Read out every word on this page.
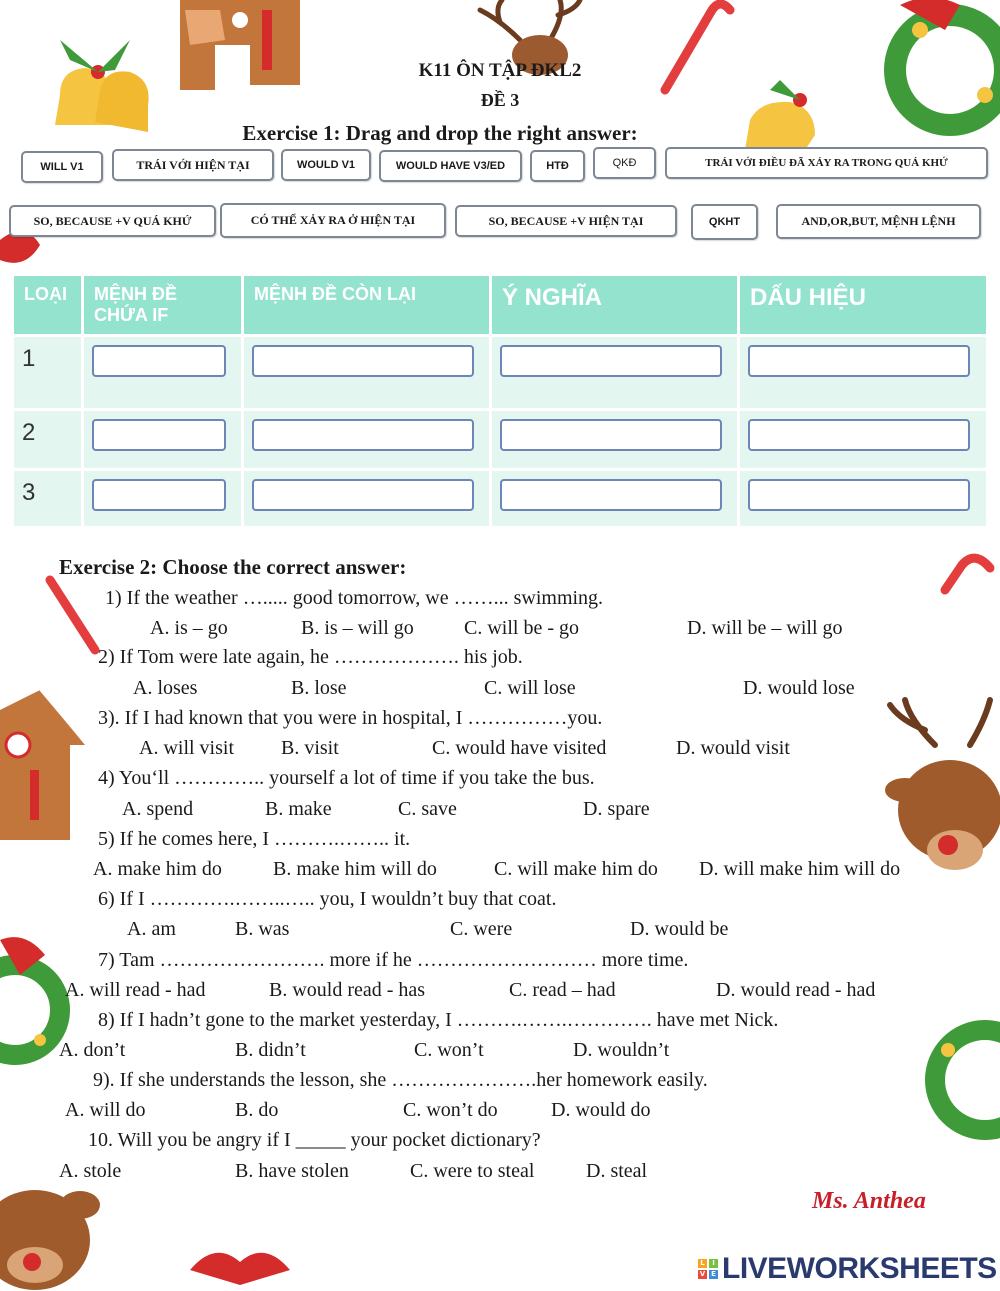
K11 ÔN TẬP ĐKL2
ĐỀ 3
Exercise 1: Drag and drop the right answer:
WILL V1	TRÁI VỚI HIỆN TẠI	WOULD V1	WOULD HAVE V3/ED	HTĐ	QKĐ	TRÁI VỚI ĐIỀU ĐÃ XẢY RA TRONG QUÁ KHỨ
SO, BECAUSE +V QUÁ KHỨ	CÓ THỂ XẢY RA Ở HIỆN TẠI	SO, BECAUSE +V HIỆN TẠI	QKHT	AND,OR,BUT, MỆNH LỆNH
LOẠI	MỆNH ĐỀ CHỨA IF	MỆNH ĐỀ CÒN LẠI	Ý NGHĨA	DẤU HIỆU
1	

2	

3	

Exercise 2: Choose the correct answer:
1) If the weather …..... good tomorrow, we ……... swimming.
A. is – go	B. is – will go	C. will be - go	D. will be – will go
2) If Tom were late again, he ………………. his job.
A. loses	B. lose	C. will lose	D. would lose
3). If I had known that you were in hospital, I ……………you.
A. will visit B. visit	C. would have visited	D. would visit
4) You‘ll ………….. yourself a lot of time if you take the bus.
A. spend	B. make	C. save	D. spare
5) If he comes here, I ……….…….. it.
A. make him do	B. make him will do	C. will make him do D. will make him will do
6) If I ………….……..….. you, I wouldn’t buy that coat.
A. am	B. was	C. were	D. would be
7) Tam ……………………. more if he ……………………… more time.
A. will read - had	B. would read - has	C. read – had	D. would read - had
8) If I hadn’t gone to the market yesterday, I ……….…….…………. have met Nick.
A. don’t	B. didn’t	C. won’t	D. wouldn’t
9). If she understands the lesson, she ………………….her homework easily.
A. will do	B. do	C. won’t do	D. would do
10. Will you be angry if I _____ your pocket dictionary?
A. stole	B. have stolen	C. were to steal	D. steal
Ms. Anthea
L	I
V E LIVEWORKSHEETS
